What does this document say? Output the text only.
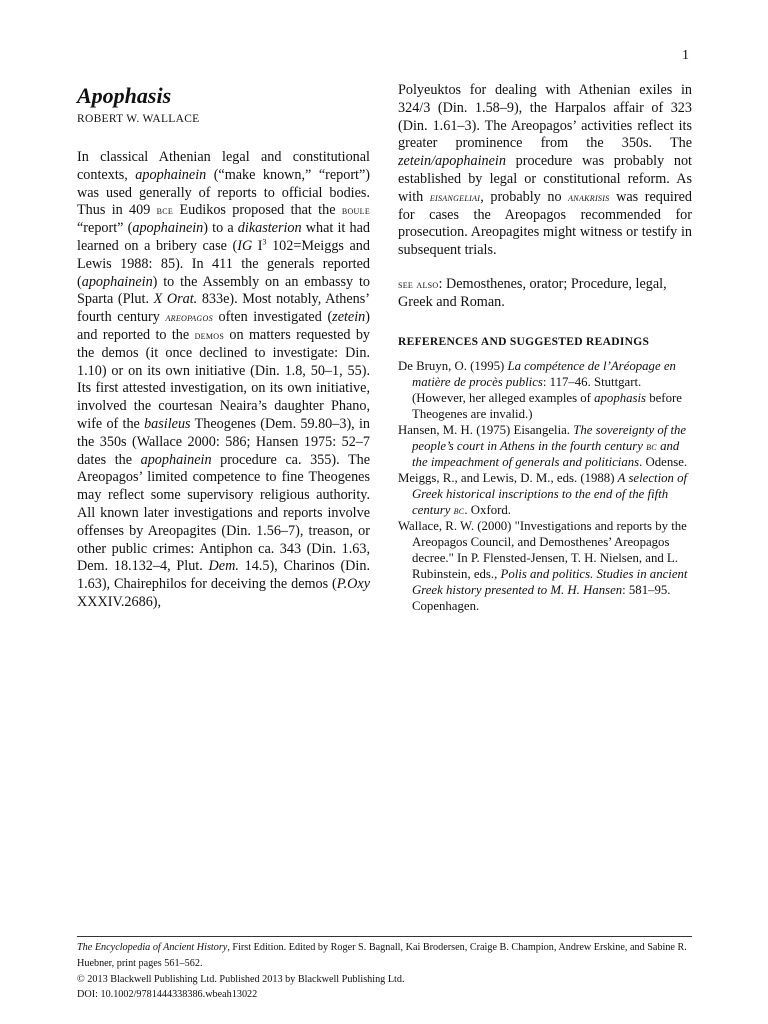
1
Apophasis
ROBERT W. WALLACE

In classical Athenian legal and constitutional contexts, apophainein (“make known,” “report”) was used generally of reports to official bodies. Thus in 409 bce Eudikos proposed that the boule “report” (apophainein) to a dikasterion what it had learned on a bribery case (IG $I^3$ 102=Meiggs and Lewis 1988: 85). In 411 the generals reported (apophainein) to the Assembly on an embassy to Sparta (Plut. X Orat. 833e). Most notably, Athens’ fourth century areopagos often investigated (zetein) and reported to the demos on matters requested by the demos (it once declined to investigate: Din. 1.10) or on its own initiative (Din. 1.8, 50–1, 55). Its first attested investigation, on its own initiative, involved the courtesan Neaira’s daughter Phano, wife of the basileus Theogenes (Dem. 59.80–3), in the 350s (Wallace 2000: 586; Hansen 1975: 52–7 dates the apophainein procedure ca. 355). The Areopagos’ limited competence to fine Theogenes may reflect some supervisory religious authority. All known later investigations and reports involve offenses by Areopagites (Din. 1.56–7), treason, or other public crimes: Antiphon ca. 343 (Din. 1.63, Dem. 18.132–4, Plut. Dem. 14.5), Charinos (Din. 1.63), Chairephilos for deceiving the demos (P.Oxy XXXIV.2686),

Polyeuktos for dealing with Athenian exiles in 324/3 (Din. 1.58–9), the Harpalos affair of 323 (Din. 1.61–3). The Areopagos’ activities reflect its greater prominence from the 350s. The zetein/apophainein procedure was probably not established by legal or constitutional reform. As with eisangeliai, probably no anakrisis was required for cases the Areopagos recommended for prosecution. Areopagites might witness or testify in subsequent trials.

see also: Demosthenes, orator; Procedure, legal, Greek and Roman.
REFERENCES AND SUGGESTED READINGS

De Bruyn, O. (1995) La compétence de l’Aréopage en matière de procès publics: 117–46. Stuttgart. (However, her alleged examples of apophasis before Theogenes are invalid.)

Hansen, M. H. (1975) Eisangelia. The sovereignty of the people’s court in Athens in the fourth century bc and the impeachment of generals and politicians. Odense.

Meiggs, R., and Lewis, D. M., eds. (1988) A selection of Greek historical inscriptions to the end of the fifth century bc. Oxford.

Wallace, R. W. (2000) "Investigations and reports by the Areopagos Council, and Demosthenes’ Areopagos decree." In P. Flensted-Jensen, T. H. Nielsen, and L. Rubinstein, eds., Polis and politics. Studies in ancient Greek history presented to M. H. Hansen: 581–95. Copenhagen.

The Encyclopedia of Ancient History, First Edition. Edited by Roger S. Bagnall, Kai Brodersen, Craige B. Champion, Andrew Erskine, and Sabine R. Huebner, print pages 561–562.
© 2013 Blackwell Publishing Ltd. Published 2013 by Blackwell Publishing Ltd.
DOI: 10.1002/9781444338386.wbeah13022
